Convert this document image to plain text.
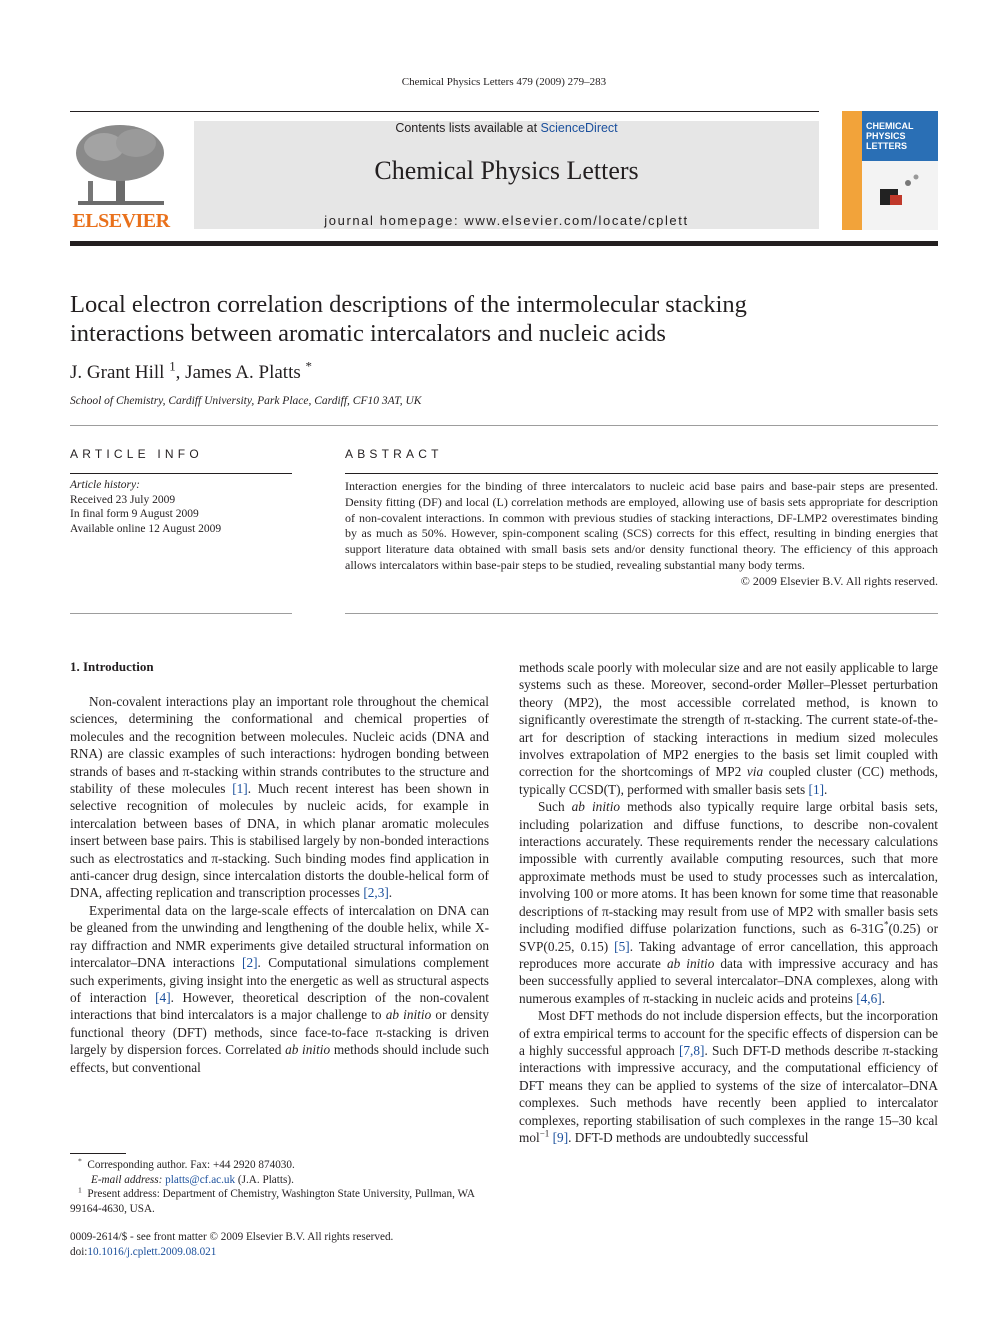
Chemical Physics Letters 479 (2009) 279–283
ELSEVIER
Contents lists available at ScienceDirect
Chemical Physics Letters
journal homepage: www.elsevier.com/locate/cplett
CHEMICAL
PHYSICS
LETTERS
Local electron correlation descriptions of the intermolecular stacking interactions between aromatic intercalators and nucleic acids
J. Grant Hill $^1$, James A. Platts *
School of Chemistry, Cardiff University, Park Place, Cardiff, CF10 3AT, UK
ARTICLE INFO
Article history:
Received 23 July 2009
In final form 9 August 2009
Available online 12 August 2009
ABSTRACT
Interaction energies for the binding of three intercalators to nucleic acid base pairs and base-pair steps are presented. Density fitting (DF) and local (L) correlation methods are employed, allowing use of basis sets appropriate for description of non-covalent interactions. In common with previous studies of stacking interactions, DF-LMP2 overestimates binding by as much as 50%. However, spin-component scaling (SCS) corrects for this effect, resulting in binding energies that support literature data obtained with small basis sets and/or density functional theory. The efficiency of this approach allows intercalators within base-pair steps to be studied, revealing substantial many body terms.
© 2009 Elsevier B.V. All rights reserved.
1. Introduction

Non-covalent interactions play an important role throughout the chemical sciences, determining the conformational and chemical properties of molecules and the recognition between molecules. Nucleic acids (DNA and RNA) are classic examples of such interactions: hydrogen bonding between strands of bases and π-stacking within strands contributes to the structure and stability of these molecules [1]. Much recent interest has been shown in selective recognition of molecules by nucleic acids, for example in intercalation between bases of DNA, in which planar aromatic molecules insert between base pairs. This is stabilised largely by non-bonded interactions such as electrostatics and π-stacking. Such binding modes find application in anti-cancer drug design, since intercalation distorts the double-helical form of DNA, affecting replication and transcription processes [2,3].

Experimental data on the large-scale effects of intercalation on DNA can be gleaned from the unwinding and lengthening of the double helix, while X-ray diffraction and NMR experiments give detailed structural information on intercalator–DNA interactions [2]. Computational simulations complement such experiments, giving insight into the energetic as well as structural aspects of interaction [4]. However, theoretical description of the non-covalent interactions that bind intercalators is a major challenge to ab initio or density functional theory (DFT) methods, since face-to-face π-stacking is driven largely by dispersion forces. Correlated ab initio methods should include such effects, but conventional

methods scale poorly with molecular size and are not easily applicable to large systems such as these. Moreover, second-order Møller–Plesset perturbation theory (MP2), the most accessible correlated method, is known to significantly overestimate the strength of π-stacking. The current state-of-the-art for description of stacking interactions in medium sized molecules involves extrapolation of MP2 energies to the basis set limit coupled with correction for the shortcomings of MP2 via coupled cluster (CC) methods, typically CCSD(T), performed with smaller basis sets [1].

Such ab initio methods also typically require large orbital basis sets, including polarization and diffuse functions, to describe non-covalent interactions accurately. These requirements render the necessary calculations impossible with currently available computing resources, such that more approximate methods must be used to study processes such as intercalation, involving 100 or more atoms. It has been known for some time that reasonable descriptions of π-stacking may result from use of MP2 with smaller basis sets including modified diffuse polarization functions, such as 6-31G*(0.25) or SVP(0.25, 0.15) [5]. Taking advantage of error cancellation, this approach reproduces more accurate ab initio data with impressive accuracy and has been successfully applied to several intercalator–DNA complexes, along with numerous examples of π-stacking in nucleic acids and proteins [4,6].

Most DFT methods do not include dispersion effects, but the incorporation of extra empirical terms to account for the specific effects of dispersion can be a highly successful approach [7,8]. Such DFT-D methods describe π-stacking interactions with impressive accuracy, and the computational efficiency of DFT means they can be applied to systems of the size of intercalator–DNA complexes. Such methods have recently been applied to intercalator complexes, reporting stabilisation of such complexes in the range 15–30 kcal mol$^{-1}$ [9]. DFT-D methods are undoubtedly successful

* Corresponding author. Fax: +44 2920 874030.

E-mail address: platts@cf.ac.uk (J.A. Platts).

$^1$ Present address: Department of Chemistry, Washington State University, Pullman, WA 99164-4630, USA.

0009-2614/$ - see front matter © 2009 Elsevier B.V. All rights reserved.

doi:10.1016/j.cplett.2009.08.021
